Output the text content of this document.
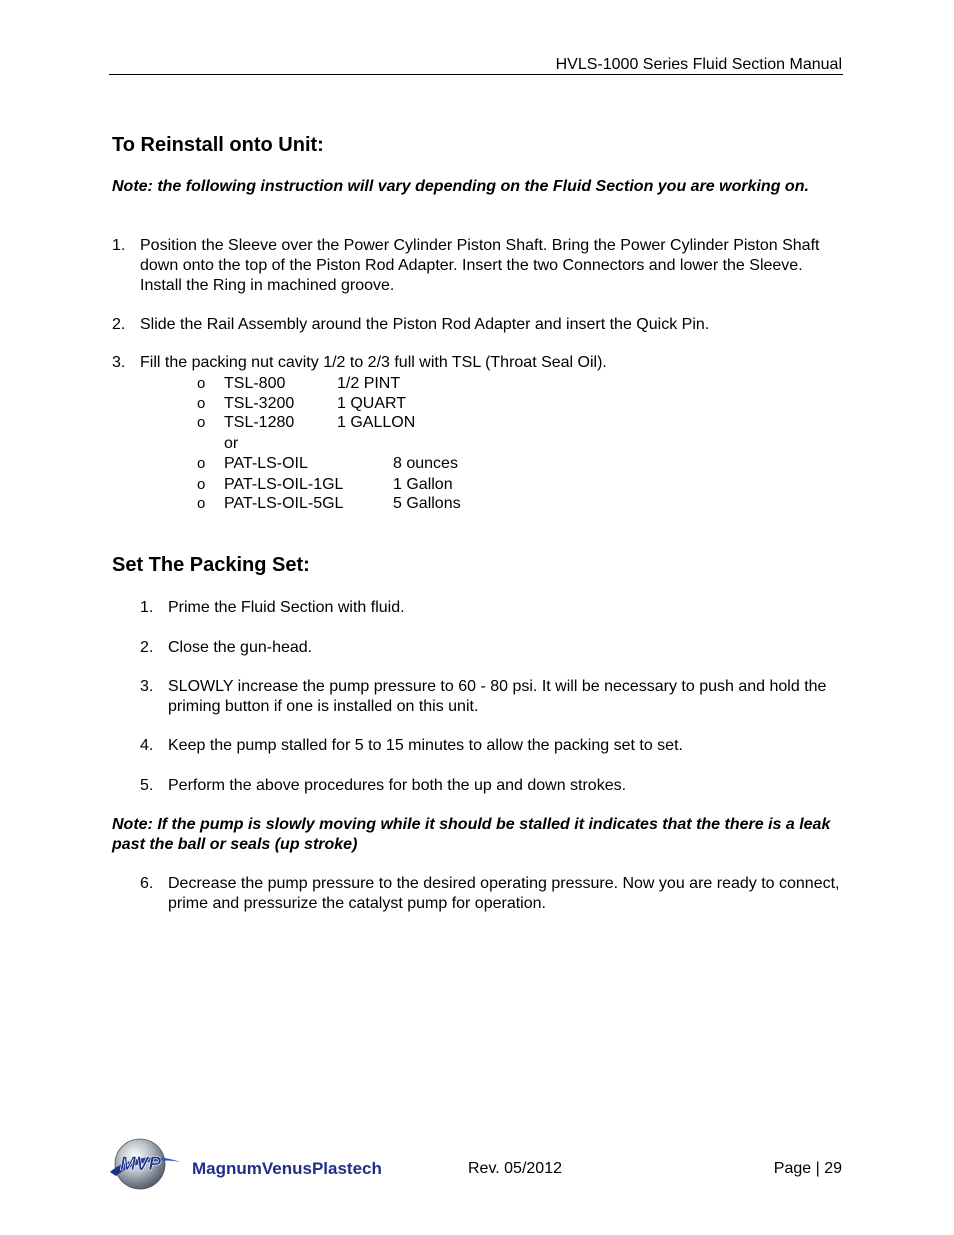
HVLS-1000 Series Fluid Section Manual
To Reinstall onto Unit:
Note: the following instruction will vary depending on the Fluid Section you are working on.
1. Position the Sleeve over the Power Cylinder Piston Shaft. Bring the Power Cylinder Piston Shaft down onto the top of the Piston Rod Adapter. Insert the two Connectors and lower the Sleeve. Install the Ring in machined groove.
2. Slide the Rail Assembly around the Piston Rod Adapter and insert the Quick Pin.
3. Fill the packing nut cavity 1/2 to 2/3 full with TSL (Throat Seal Oil).
o TSL-800	1/2 PINT
o TSL-3200	1 QUART
o TSL-1280	1 GALLON
or
o PAT-LS-OIL	8 ounces
o PAT-LS-OIL-1GL	1 Gallon
o PAT-LS-OIL-5GL	5 Gallons
Set The Packing Set:
1. Prime the Fluid Section with fluid.
2. Close the gun-head.
3. SLOWLY increase the pump pressure to 60 - 80 psi. It will be necessary to push and hold the priming button if one is installed on this unit.
4. Keep the pump stalled for 5 to 15 minutes to allow the packing set to set.
5. Perform the above procedures for both the up and down strokes.
Note: If the pump is slowly moving while it should be stalled it indicates that the there is a leak past the ball or seals (up stroke)
6. Decrease the pump pressure to the desired operating pressure. Now you are ready to connect, prime and pressurize the catalyst pump for operation.
MVP MagnumVenusPlastech	Rev. 05/2012	Page | 29
